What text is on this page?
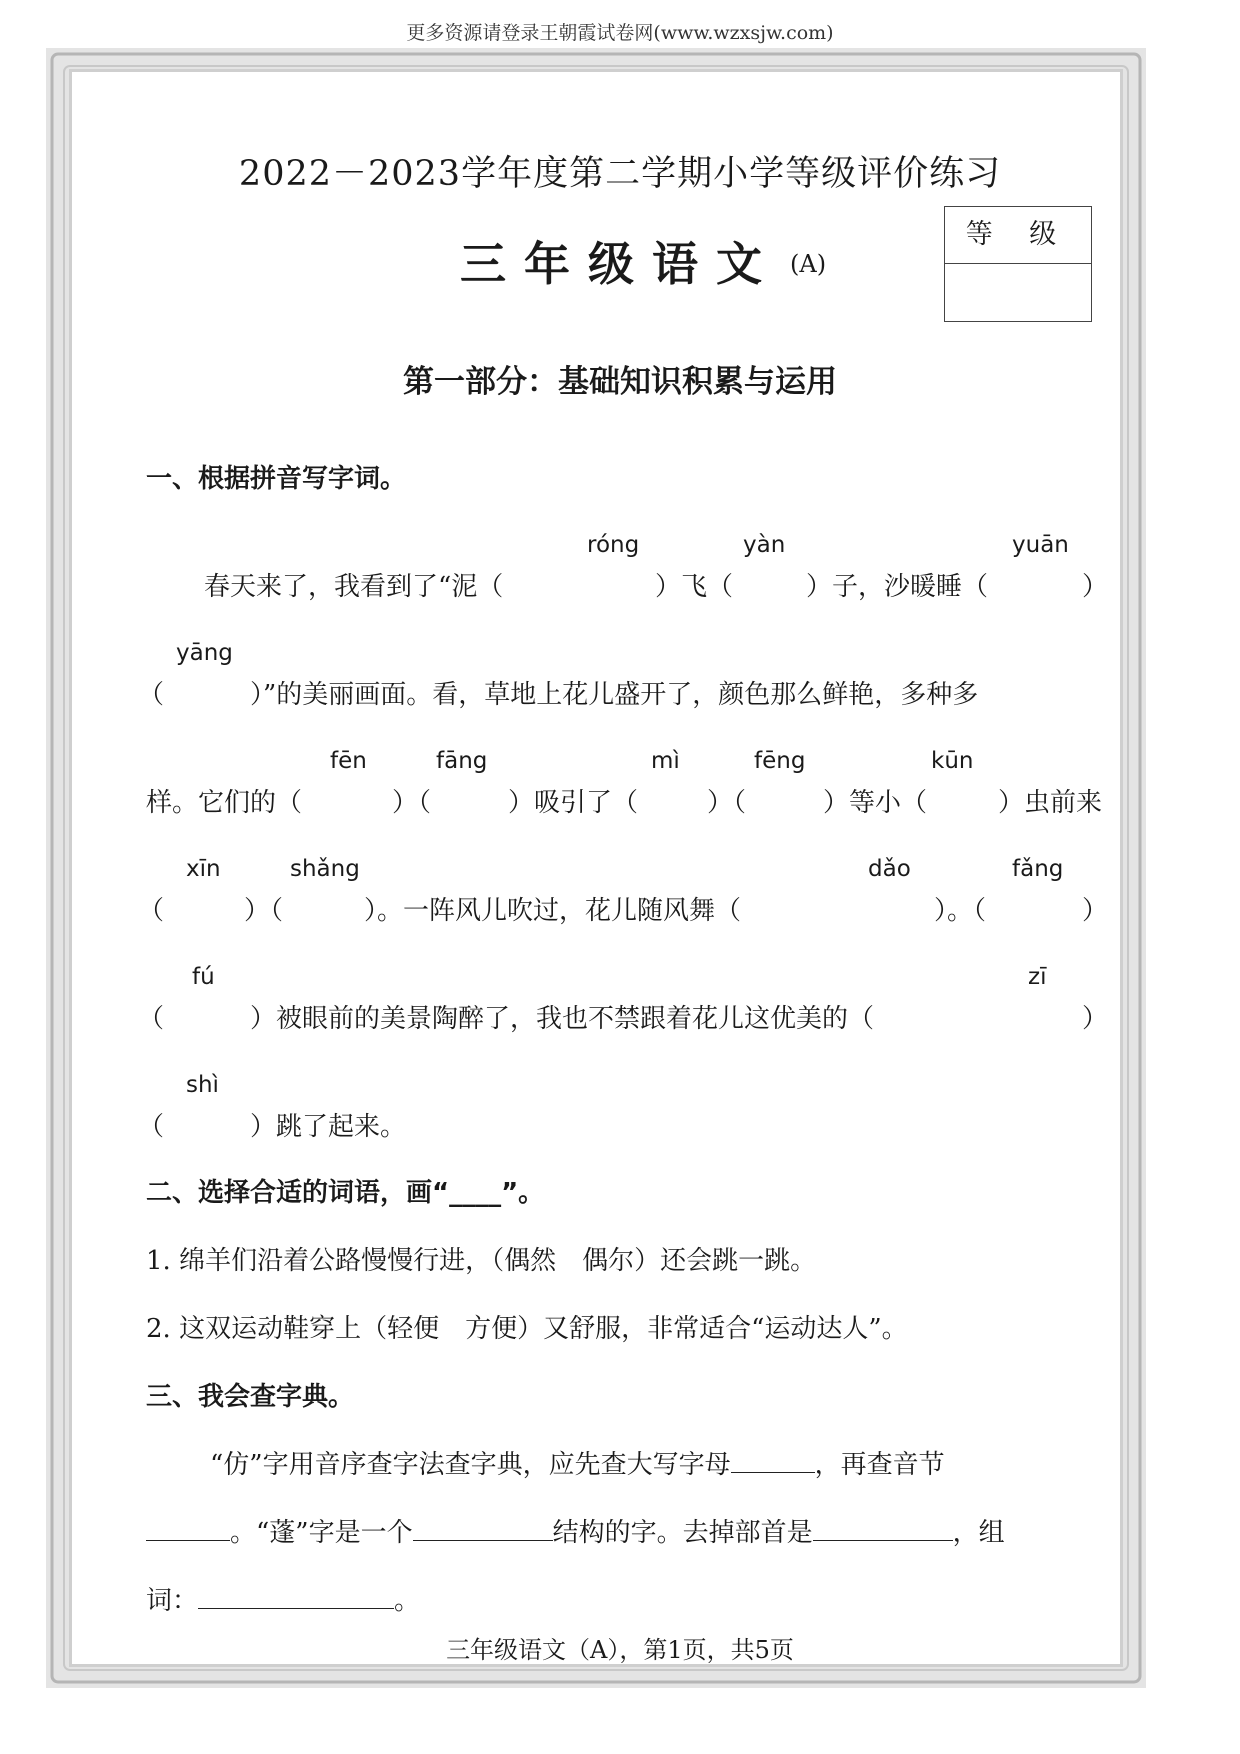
更多资源请登录王朝霞试卷网(www.wzxsjw.com)
2022－2023学年度第二学期小学等级评价练习
三年级语文 (A)
等 级
第一部分：基础知识积累与运用
一、根据拼音写字词。
róng	yàn	yuān
春天来了，我看到了“泥（	）飞（	）子，沙暖睡（	）
yāng
（	）”的美丽画面。看，草地上花儿盛开了，颜色那么鲜艳，多种多
fēn	fāng	mì	fēng	kūn
样。它们的（	）（	）吸引了（	）（	）等小（	）虫前来
xīn	shǎng	dǎo	fǎng
（	）（	）。一阵风儿吹过，花儿随风舞（	）。（	）
fú	zī
（	）被眼前的美景陶醉了，我也不禁跟着花儿这优美的（	）
shì
（	）跳了起来。
二、选择合适的词语，画“____”。
1. 绵羊们沿着公路慢慢行进，（偶然　偶尔）还会跳一跳。
2. 这双运动鞋穿上（轻便　方便）又舒服，非常适合“运动达人”。
三、我会查字典。
“仿”字用音序查字法查字典，应先查大写字母	，再查音节
。“蓬”字是一个	结构的字。去掉部首是	，组
词：	。
三年级语文（A），第1页，共5页
